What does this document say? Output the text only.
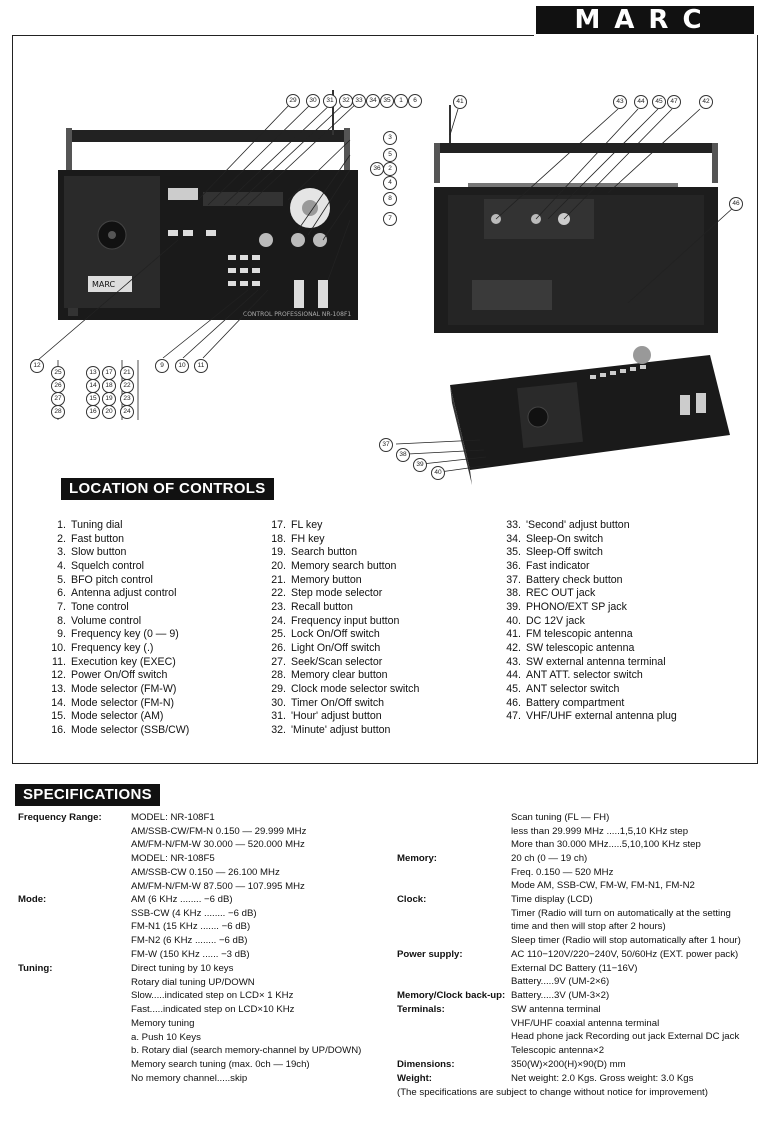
MARC
MARC
CONTROL PROFESSIONAL NR-108F1
29	30	31	32 33	34	35	1	6
3
5
2
36
4
8
7
12	9	10	11
25	13	17	21
26	14	18	22
27	15	19	23
28	16	20	24
41	43	44	45	47	42
46
37
38
39
40
LOCATION OF CONTROLS
1. Tuning dial
2. Fast button
3. Slow button
4. Squelch control
5. BFO pitch control
6. Antenna adjust control
7. Tone control
8. Volume control
9. Frequency key (0 — 9)
10. Frequency key (.)
11. Execution key (EXEC)
12. Power On/Off switch
13. Mode selector (FM-W)
14. Mode selector (FM-N)
15. Mode selector (AM)
16. Mode selector (SSB/CW)
17. FL key
18. FH key
19. Search button
20. Memory search button
21. Memory button
22. Step mode selector
23. Recall button
24. Frequency input button
25. Lock On/Off switch
26. Light On/Off switch
27. Seek/Scan selector
28. Memory clear button
29. Clock mode selector switch
30. Timer On/Off switch
31. 'Hour' adjust button
32. 'Minute' adjust button
33. 'Second' adjust button
34. Sleep-On switch
35. Sleep-Off switch
36. Fast indicator
37. Battery check button
38. REC OUT jack
39. PHONO/EXT SP jack
40. DC 12V jack
41. FM telescopic antenna
42. SW telescopic antenna
43. SW external antenna terminal
44. ANT ATT. selector switch
45. ANT selector switch
46. Battery compartment
47. VHF/UHF external antenna plug
SPECIFICATIONS
Frequency Range:	MODEL: NR-108F1
AM/SSB-CW/FM-N 0.150 — 29.999 MHz
AM/FM-N/FM-W 30.000 — 520.000 MHz
MODEL: NR-108F5
AM/SSB-CW 0.150 — 26.100 MHz
AM/FM-N/FM-W 87.500 — 107.995 MHz
Mode:	AM (6 KHz ........ −6 dB)
SSB-CW (4 KHz ........ −6 dB)
FM-N1 (15 KHz ....... −6 dB)
FM-N2 (6 KHz ........ −6 dB)
FM-W (150 KHz ...... −3 dB)
Tuning:	Direct tuning by 10 keys
Rotary dial tuning UP/DOWN
Slow.....indicated step on LCD× 1 KHz
Fast.....indicated step on LCD×10 KHz
Memory tuning
a. Push 10 Keys
b. Rotary dial (search memory-channel by UP/DOWN)
Memory search tuning (max. 0ch — 19ch)
No memory channel.....skip
Scan tuning (FL — FH)
less than 29.999 MHz .....1,5,10 KHz step
More than 30.000 MHz.....5,10,100 KHz step
Memory:	20 ch (0 — 19 ch)
Freq. 0.150 — 520 MHz
Mode AM, SSB-CW, FM-W, FM-N1, FM-N2
Clock:	Time display (LCD)
Timer (Radio will turn on automatically at the setting
time and then will stop after 2 hours)
Sleep timer (Radio will stop automatically after 1 hour)
Power supply:	AC 110−120V/220−240V, 50/60Hz (EXT. power pack)
External DC Battery (11−16V)
Battery.....9V (UM-2×6)
Memory/Clock back-up: Battery.....3V (UM-3×2)
Terminals:	SW antenna terminal
VHF/UHF coaxial antenna terminal
Head phone jack Recording out jack External DC jack
Telescopic antenna×2
Dimensions:	350(W)×200(H)×90(D) mm
Weight:	Net weight: 2.0 Kgs. Gross weight: 3.0 Kgs
(The specifications are subject to change without notice for improvement)
